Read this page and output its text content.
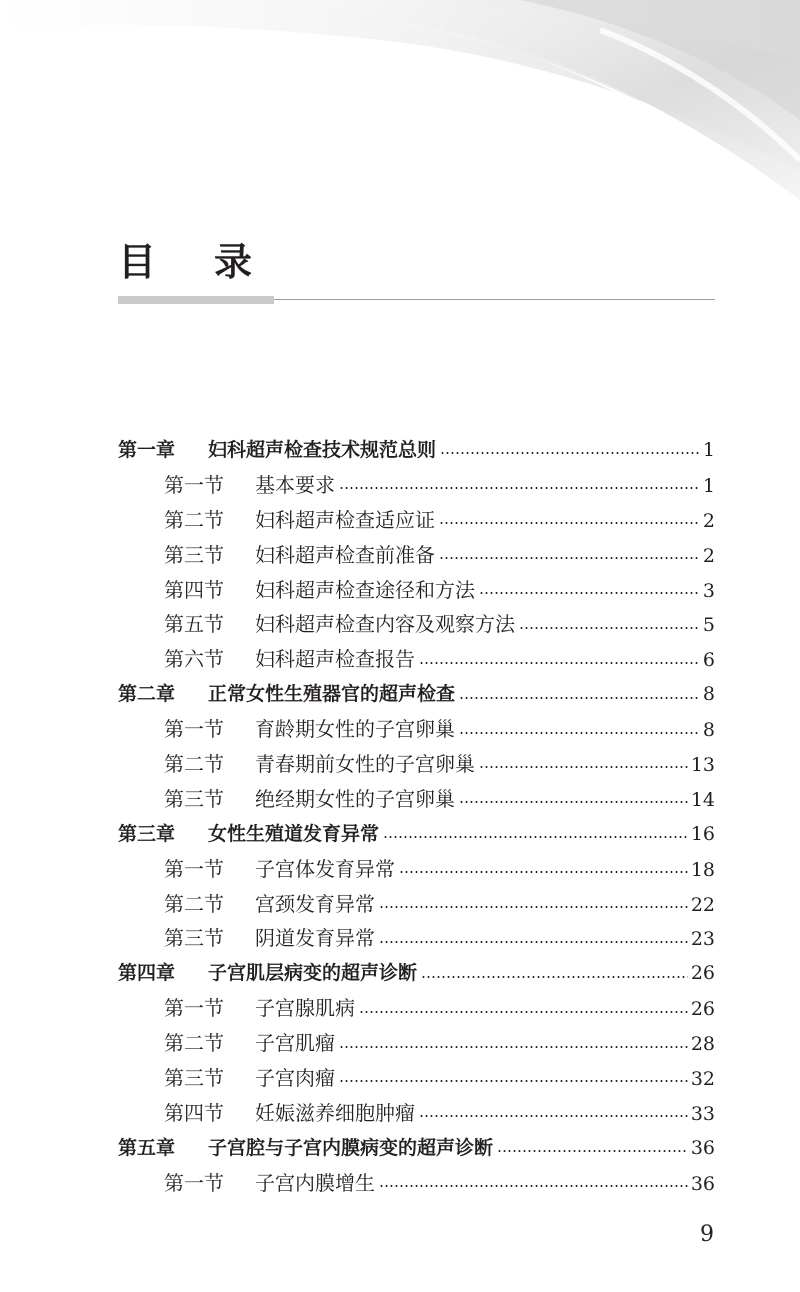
目 录
第一章	妇科超声检查技术规范总则	1
第一节	基本要求	1
第二节	妇科超声检查适应证	2
第三节	妇科超声检查前准备	2
第四节	妇科超声检查途径和方法	3
第五节	妇科超声检查内容及观察方法	5
第六节	妇科超声检查报告	6
第二章	正常女性生殖器官的超声检查	8
第一节	育龄期女性的子宫卵巢	8
第二节	青春期前女性的子宫卵巢	13
第三节	绝经期女性的子宫卵巢	14
第三章	女性生殖道发育异常	16
第一节	子宫体发育异常	18
第二节	宫颈发育异常	22
第三节	阴道发育异常	23
第四章	子宫肌层病变的超声诊断	26
第一节	子宫腺肌病	26
第二节	子宫肌瘤	28
第三节	子宫肉瘤	32
第四节	妊娠滋养细胞肿瘤	33
第五章	子宫腔与子宫内膜病变的超声诊断	36
第一节	子宫内膜增生	36
9
